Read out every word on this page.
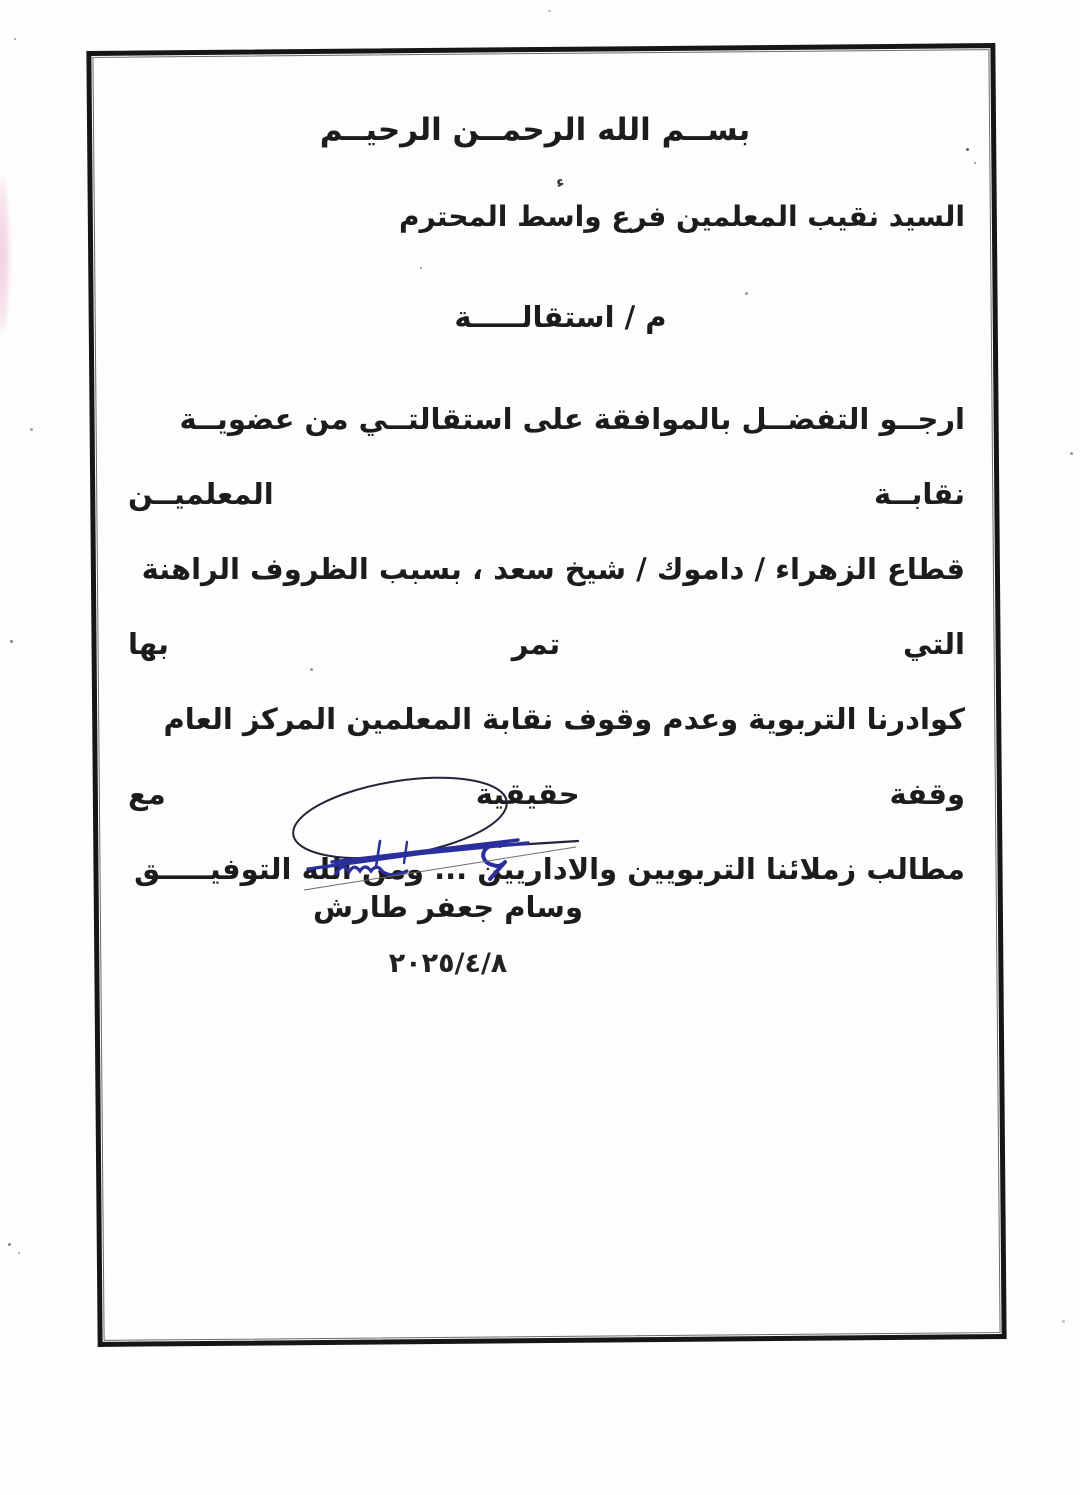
بســم الله الرحمــن الرحيــم
ء
السيد نقيب المعلمين فرع واسط المحترم
م / استقالـــــة
ارجــو التفضــل بالموافقة على استقالتــي من عضويــة نقابــة المعلميــن
قطاع الزهراء / داموك / شيخ سعد ، بسبب الظروف الراهنة التي تمر بها
كوادرنا التربوية وعدم وقوف نقابة المعلمين المركز العام وقفة حقيقية مع
مطالب زملائنا التربويين والاداريين ... ومن الله التوفيـــــق
وسام جعفر طارش
٢٠٢٥/٤/٨
